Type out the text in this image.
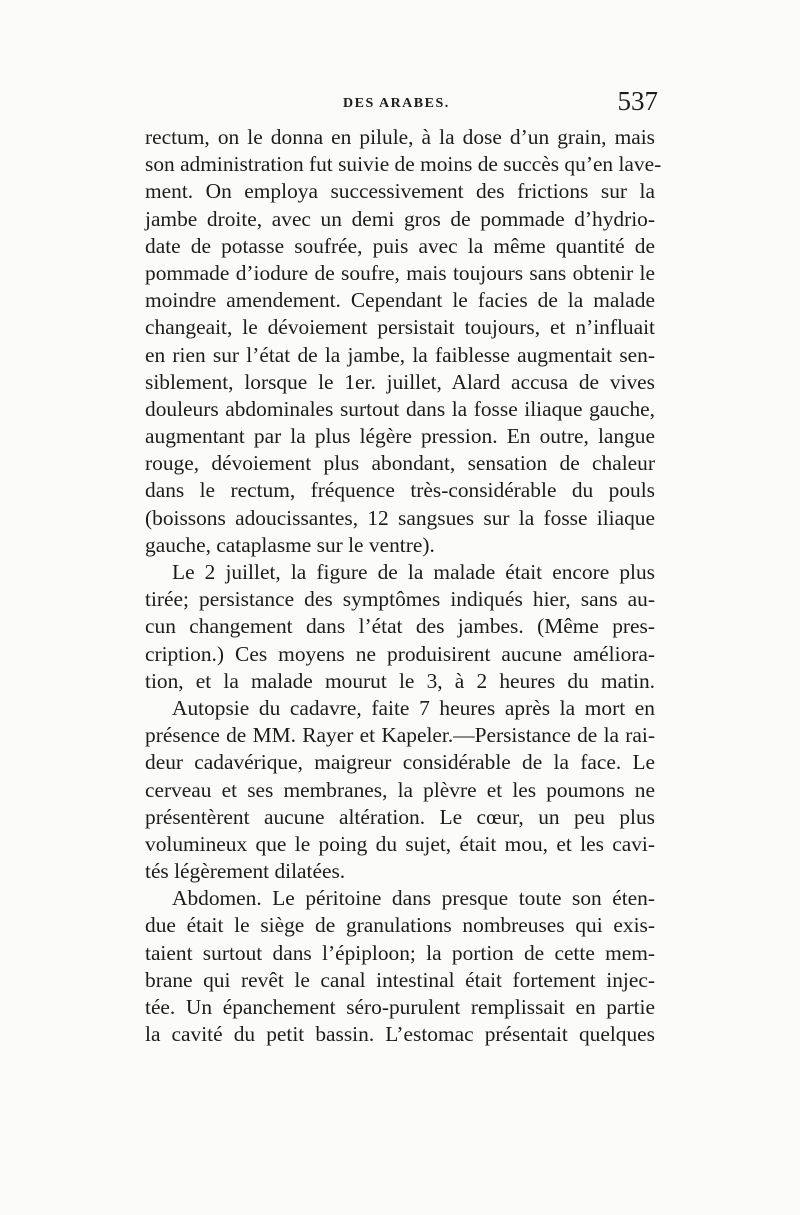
DES ARABES.	537
rectum, on le donna en pilule, à la dose d’un grain, mais
son administration fut suivie de moins de succès qu’en lave-
ment. On employa successivement des frictions sur la
jambe droite, avec un demi gros de pommade d’hydrio-
date de potasse soufrée, puis avec la même quantité de
pommade d’iodure de soufre, mais toujours sans obtenir le
moindre amendement. Cependant le facies de la malade
changeait, le dévoiement persistait toujours, et n’influait
en rien sur l’état de la jambe, la faiblesse augmentait sen-
siblement, lorsque le 1er. juillet, Alard accusa de vives
douleurs abdominales surtout dans la fosse iliaque gauche,
augmentant par la plus légère pression. En outre, langue
rouge, dévoiement plus abondant, sensation de chaleur
dans le rectum, fréquence très-considérable du pouls
(boissons adoucissantes, 12 sangsues sur la fosse iliaque
gauche, cataplasme sur le ventre).
Le 2 juillet, la figure de la malade était encore plus
tirée; persistance des symptômes indiqués hier, sans au-
cun changement dans l’état des jambes. (Même pres-
cription.) Ces moyens ne produisirent aucune améliora-
tion, et la malade mourut le 3, à 2 heures du matin.
Autopsie du cadavre, faite 7 heures après la mort en
présence de MM. Rayer et Kapeler.—Persistance de la rai-
deur cadavérique, maigreur considérable de la face. Le
cerveau et ses membranes, la plèvre et les poumons ne
présentèrent aucune altération. Le cœur, un peu plus
volumineux que le poing du sujet, était mou, et les cavi-
tés légèrement dilatées.
Abdomen. Le péritoine dans presque toute son éten-
due était le siège de granulations nombreuses qui exis-
taient surtout dans l’épiploon; la portion de cette mem-
brane qui revêt le canal intestinal était fortement injec-
tée. Un épanchement séro-purulent remplissait en partie
la cavité du petit bassin. L’estomac présentait quelques
